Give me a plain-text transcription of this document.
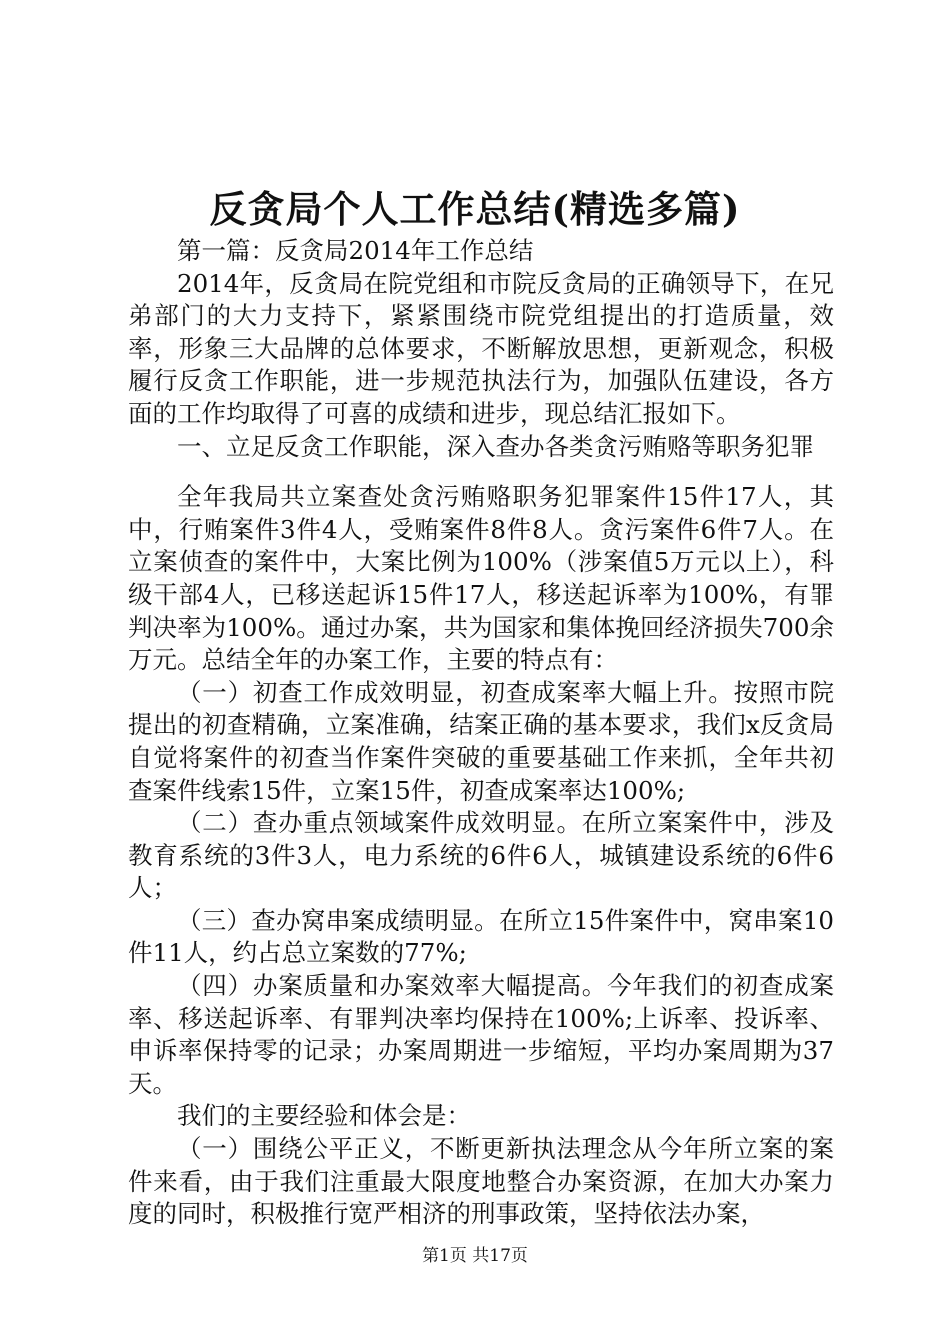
反贪局个人工作总结(精选多篇)

第一篇：反贪局2014年工作总结

2014年，反贪局在院党组和市院反贪局的正确领导下，在兄弟部门的大力支持下，紧紧围绕市院党组提出的打造质量，效率，形象三大品牌的总体要求，不断解放思想，更新观念，积极履行反贪工作职能，进一步规范执法行为，加强队伍建设，各方面的工作均取得了可喜的成绩和进步，现总结汇报如下。

一、立足反贪工作职能，深入查办各类贪污贿赂等职务犯罪

全年我局共立案查处贪污贿赂职务犯罪案件15件17人，其中，行贿案件3件4人，受贿案件8件8人。贪污案件6件7人。在立案侦查的案件中，大案比例为100%（涉案值5万元以上），科级干部4人，已移送起诉15件17人，移送起诉率为100%，有罪判决率为100%。通过办案，共为国家和集体挽回经济损失700余万元。总结全年的办案工作，主要的特点有：

（一）初查工作成效明显，初查成案率大幅上升。按照市院提出的初查精确，立案准确，结案正确的基本要求，我们x反贪局自觉将案件的初查当作案件突破的重要基础工作来抓，全年共初查案件线索15件，立案15件，初查成案率达100%;

（二）查办重点领域案件成效明显。在所立案案件中，涉及教育系统的3件3人，电力系统的6件6人，城镇建设系统的6件6人；

（三）查办窝串案成绩明显。在所立15件案件中，窝串案10件11人，约占总立案数的77%;

（四）办案质量和办案效率大幅提高。今年我们的初查成案率、移送起诉率、有罪判决率均保持在100%;上诉率、投诉率、申诉率保持零的记录；办案周期进一步缩短，平均办案周期为37天。

我们的主要经验和体会是：

（一）围绕公平正义，不断更新执法理念从今年所立案的案件来看，由于我们注重最大限度地整合办案资源，在加大办案力度的同时，积极推行宽严相济的刑事政策，坚持依法办案，

第1页 共17页
